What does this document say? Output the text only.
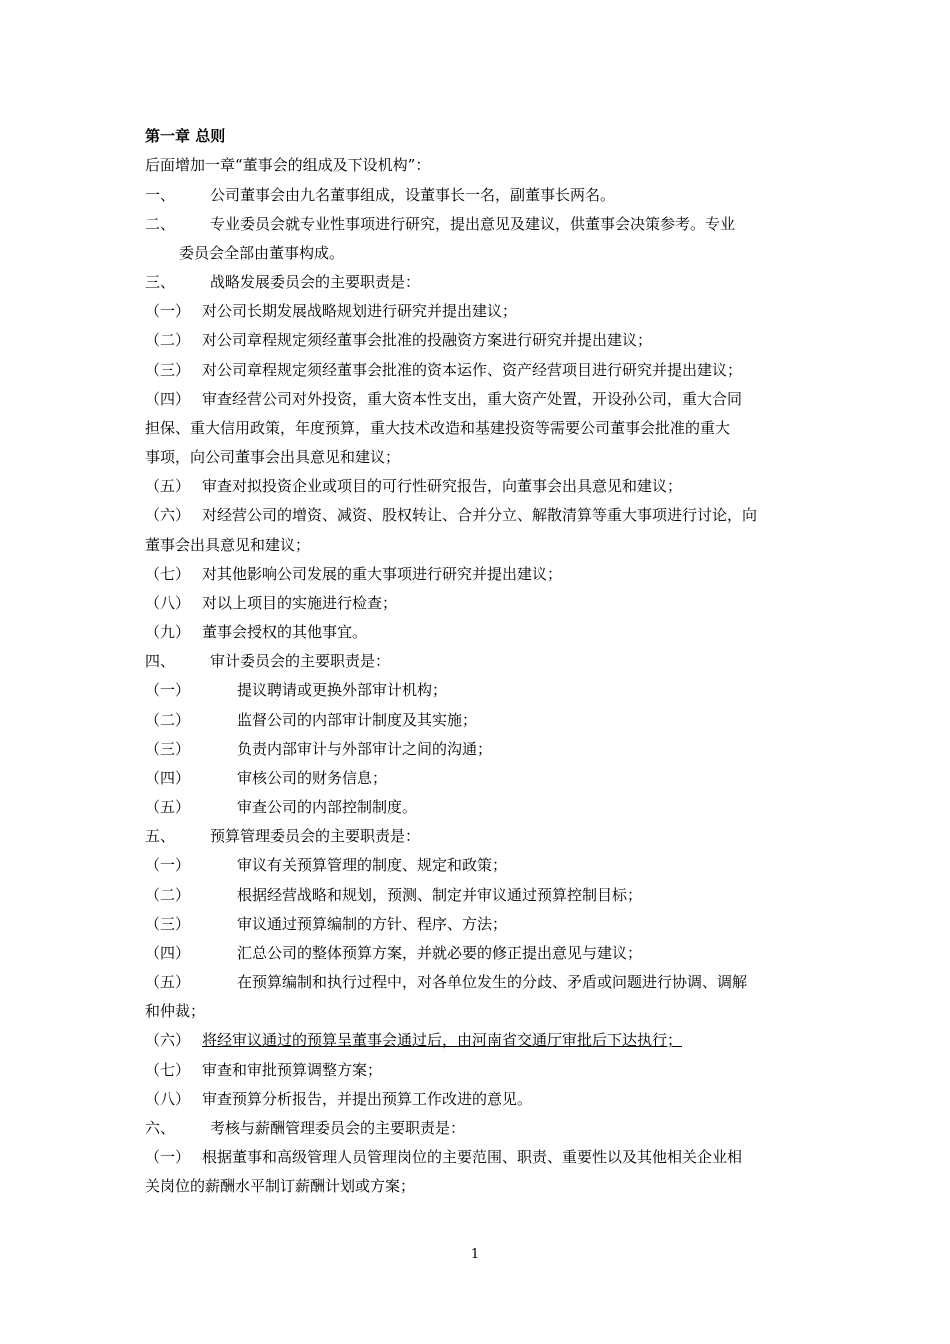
第一章 总则
后面增加一章“董事会的组成及下设机构”：
一、 公司董事会由九名董事组成，设董事长一名，副董事长两名。
二、 专业委员会就专业性事项进行研究，提出意见及建议，供董事会决策参考。专业
委员会全部由董事构成。
三、 战略发展委员会的主要职责是：
（一） 对公司长期发展战略规划进行研究并提出建议；
（二） 对公司章程规定须经董事会批准的投融资方案进行研究并提出建议；
（三） 对公司章程规定须经董事会批准的资本运作、资产经营项目进行研究并提出建议；
（四） 审查经营公司对外投资，重大资本性支出，重大资产处置，开设孙公司，重大合同
担保、重大信用政策，年度预算，重大技术改造和基建投资等需要公司董事会批准的重大
事项，向公司董事会出具意见和建议；
（五） 审查对拟投资企业或项目的可行性研究报告，向董事会出具意见和建议；
（六） 对经营公司的增资、减资、股权转让、合并分立、解散清算等重大事项进行讨论，向
董事会出具意见和建议；
（七） 对其他影响公司发展的重大事项进行研究并提出建议；
（八） 对以上项目的实施进行检查；
（九） 董事会授权的其他事宜。
四、 审计委员会的主要职责是：
（一）	提议聘请或更换外部审计机构；
（二）	监督公司的内部审计制度及其实施；
（三）	负责内部审计与外部审计之间的沟通；
（四）	审核公司的财务信息；
（五）	审查公司的内部控制制度。
五、 预算管理委员会的主要职责是：
（一）	审议有关预算管理的制度、规定和政策；
（二）	根据经营战略和规划，预测、制定并审议通过预算控制目标；
（三）	审议通过预算编制的方针、程序、方法；
（四）	汇总公司的整体预算方案，并就必要的修正提出意见与建议；
（五）	在预算编制和执行过程中，对各单位发生的分歧、矛盾或问题进行协调、调解
和仲裁；
（六） 将经审议通过的预算呈董事会通过后，由河南省交通厅审批后下达执行；
（七） 审查和审批预算调整方案；
（八） 审查预算分析报告，并提出预算工作改进的意见。
六、 考核与薪酬管理委员会的主要职责是：
（一） 根据董事和高级管理人员管理岗位的主要范围、职责、重要性以及其他相关企业相
关岗位的薪酬水平制订薪酬计划或方案；
1
